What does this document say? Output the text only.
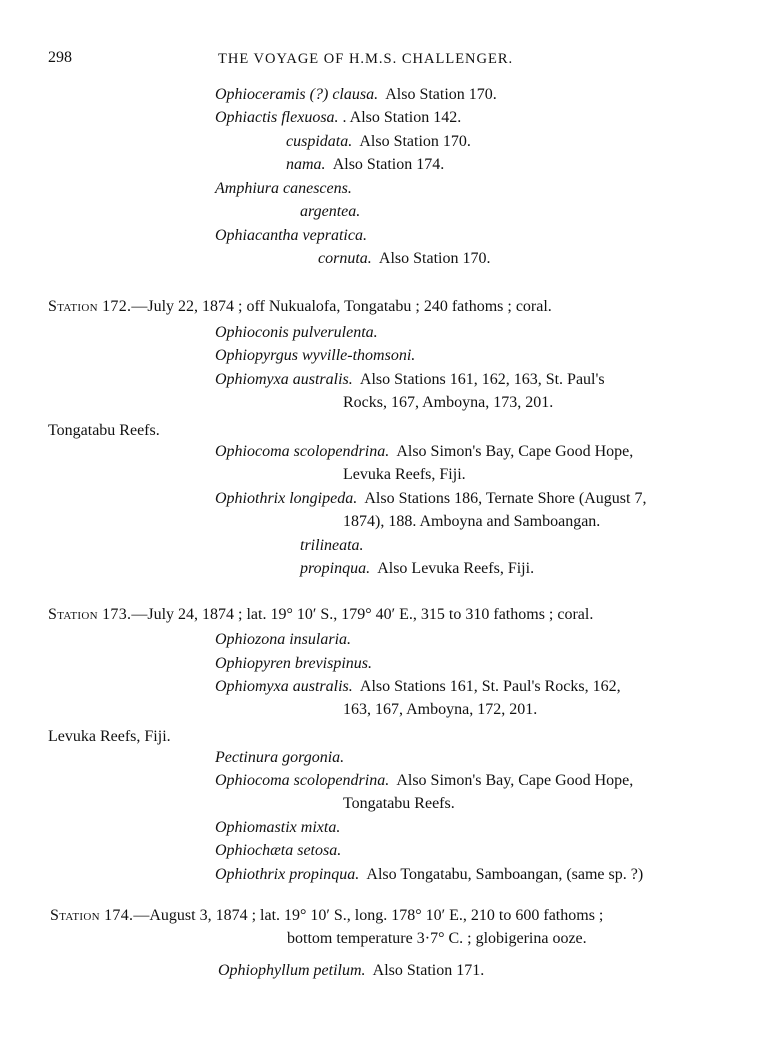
298	THE VOYAGE OF H.M.S. CHALLENGER.
Ophioceramis (?) clausa. Also Station 170.
Ophiactis flexuosa. . Also Station 142.
cuspidata. Also Station 170.
nama. Also Station 174.
Amphiura canescens.
argentea.
Ophiacantha vepratica.
cornuta. Also Station 170.
Station 172.—July 22, 1874 ; off Nukualofa, Tongatabu ; 240 fathoms ; coral.
Ophioconis pulverulenta.
Ophiopyrgus wyville-thomsoni.
Ophiomyxa australis. Also Stations 161, 162, 163, St. Paul's
Rocks, 167, Amboyna, 173, 201.
Tongatabu Reefs.
Ophiocoma scolopendrina. Also Simon's Bay, Cape Good Hope,
Levuka Reefs, Fiji.
Ophiothrix longipeda. Also Stations 186, Ternate Shore (August 7,
1874), 188. Amboyna and Samboangan.
trilineata.
propinqua. Also Levuka Reefs, Fiji.
Station 173.—July 24, 1874 ; lat. 19° 10′ S., 179° 40′ E., 315 to 310 fathoms ; coral.
Ophiozona insularia.
Ophiopyren brevispinus.
Ophiomyxa australis. Also Stations 161, St. Paul's Rocks, 162,
163, 167, Amboyna, 172, 201.
Levuka Reefs, Fiji.
Pectinura gorgonia.
Ophiocoma scolopendrina. Also Simon's Bay, Cape Good Hope,
Tongatabu Reefs.
Ophiomastix mixta.
Ophiochæta setosa.
Ophiothrix propinqua. Also Tongatabu, Samboangan, (same sp. ?)
Station 174.—August 3, 1874 ; lat. 19° 10′ S., long. 178° 10′ E., 210 to 600 fathoms ;
bottom temperature 3·7° C. ; globigerina ooze.
Ophiophyllum petilum. Also Station 171.
